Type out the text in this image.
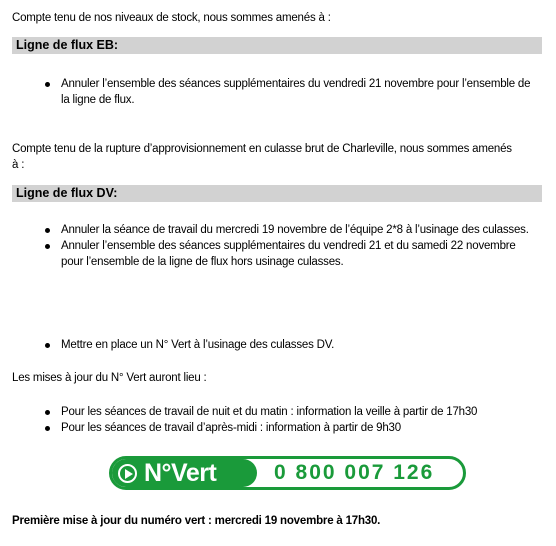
Compte tenu de nos niveaux de stock, nous sommes amenés à :
Ligne de flux EB:
Annuler l’ensemble des séances supplémentaires du vendredi 21 novembre pour l’ensemble de
la ligne de flux.
Compte tenu de la rupture d’approvisionnement en culasse brut de Charleville, nous sommes amenés
à :
Ligne de flux DV:
Annuler la séance de travail du mercredi 19 novembre de l’équipe 2*8 à l’usinage des culasses.
Annuler l’ensemble des séances supplémentaires du vendredi 21 et du samedi 22 novembre
pour l’ensemble de la ligne de flux hors usinage culasses.
Mettre en place un N° Vert à l’usinage des culasses DV.
Les mises à jour du N° Vert auront lieu :
Pour les séances de travail de nuit et du matin : information la veille à partir de 17h30
Pour les séances de travail d’après-midi : information à partir de 9h30
N°Vert	0 800 007 126
Première mise à jour du numéro vert : mercredi 19 novembre à 17h30.
